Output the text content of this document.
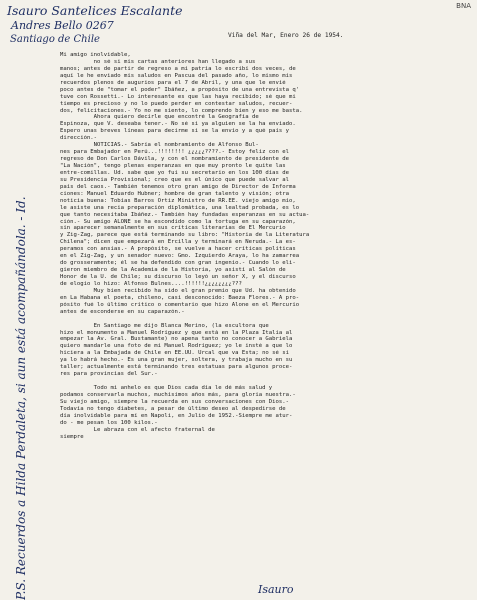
BNA
Isauro Santelices Escalante
Andres Bello 0267
Santiago de Chile	Viña del Mar, Enero 26 de 1954.
Mi amigo inolvidable,
no sé si mis cartas anteriores han llegado a sus
manos; antes de partir de regreso a mi patria lo escribí dos veces, de
aquí le he enviado mis saludos en Pascua del pasado año, lo mismo mis
recuerdos plenos de augurios para el 7 de Abril, y una que le envié
poco antes de "tomar el poder" Ibáñez, a propósito de una entrevista q'
tuve con Rossetti.- Lo interesante es que las haya recibido; sé que mi
tiempo es precioso y no lo puedo perder en contestar saludos, recuer-
dos, felicitaciones.- Yo no me siento, lo comprendo bien y eso me basta.
Ahora quiero decirle que encontré la Geografía de
Espinoza, que V. deseaba tener.- No sé si ya alguien se la ha enviado.
Espero unas breves líneas para decirme si se la envío y a qué país y
dirección.-
NOTICIAS.- Sabría el nombramiento de Alfonso Bul-
nes para Embajador en Perú...!!!!!!!! ¿¿¿¿¿????.- Estoy feliz con el
regreso de Don Carlos Dávila, y con el nombramiento de presidente de
"La Nación", tengo plenas esperanzas en que muy pronto le quite las
entre-comillas. Ud. sabe que yo fui su secretario en los 100 días de
su Presidencia Provisional; creo que es el único que puede salvar al
país del caos.- También tenemos otro gran amigo de Director de Informa
ciones: Manuel Eduardo Hubner; hombre de gran talento y visión; otra
noticia buena: Tobías Barros Ortiz Ministro de RR.EE. viejo amigo mío,
le asiste una recia preparación diplomática, una lealtad probada, es lo
que tanto necesitaba Ibáñez.- También hay fundadas esperanzas en su actua-
ción.- Su amigo ALONE se ha escondido como la tortuga en su caparazón,
sin aparecer semanalmente en sus críticas literarias de El Mercurio
y Zig-Zag, parece que está terminando su libro: "Historia de la Literatura
Chilena"; dicen que empezará en Ercilla y terminará en Neruda.- La es-
peramos con ansias.- A propósito, se vuelve a hacer críticas políticas
en el Zig-Zag, y un senador nuevo: Gmo. Izquierdo Araya, lo ha zamarrea
do grosseramente; él se ha defendido con gran ingenio.- Cuando lo eli-
gieron miembro de la Academia de la Historia, yo asistí al Salón de
Honor de la U. de Chile; su discurso lo leyó un señor X, y el discurso
de elogio lo hizo: Alfonso Bulnes....!!!!!!¿¿¿¿¿¿¿¿???
Muy bien recibido ha sido el gran premio que Ud. ha obtenido
en La Habana el poeta, chileno, casi desconocido: Baeza Flores.- A pro-
pósito fué lo último crítico o comentario que hizo Alone en el Mercurio
antes de esconderse en su caparazón.-
En Santiago me dijo Blanca Merino, (la escultora que
hizo el monumento a Manuel Rodríguez y que está en la Plaza Italia al
empezar la Av. Gral. Bustamante) no apena tanto no conocer a Gabriela
quiero mandarle una foto de mi Manuel Rodríguez; yo le insté a que lo
hiciera a la Embajada de Chile en EE.UU. Urcal que va Ésta; no sé si
ya lo habrá hecho.- Es una gran mujer, soltera, y trabaja mucho en su
taller; actualmente está terminando tres estatuas para algunos proce-
res para provincias del Sur.-
Todo mi anhelo es que Dios cada día le dé más salud y
podamos conservarla muchos, muchísimos años más, para gloria nuestra.-
Su viejo amigo, siempre la recuerda en sus conversaciones con Dios.-
Todavía no tengo diabetes, a pesar de último deseo al despedirse de
día inolvidable para mí en Napoli, en Julio de 1952.-Siempre me atur-
do - me pesan los 100 kilos.-
Le abraza con el afecto fraternal de
siempre
P.S. Recuerdos a Hilda Perdaleta, si aun está acompañándola. - Id.	Isauro
